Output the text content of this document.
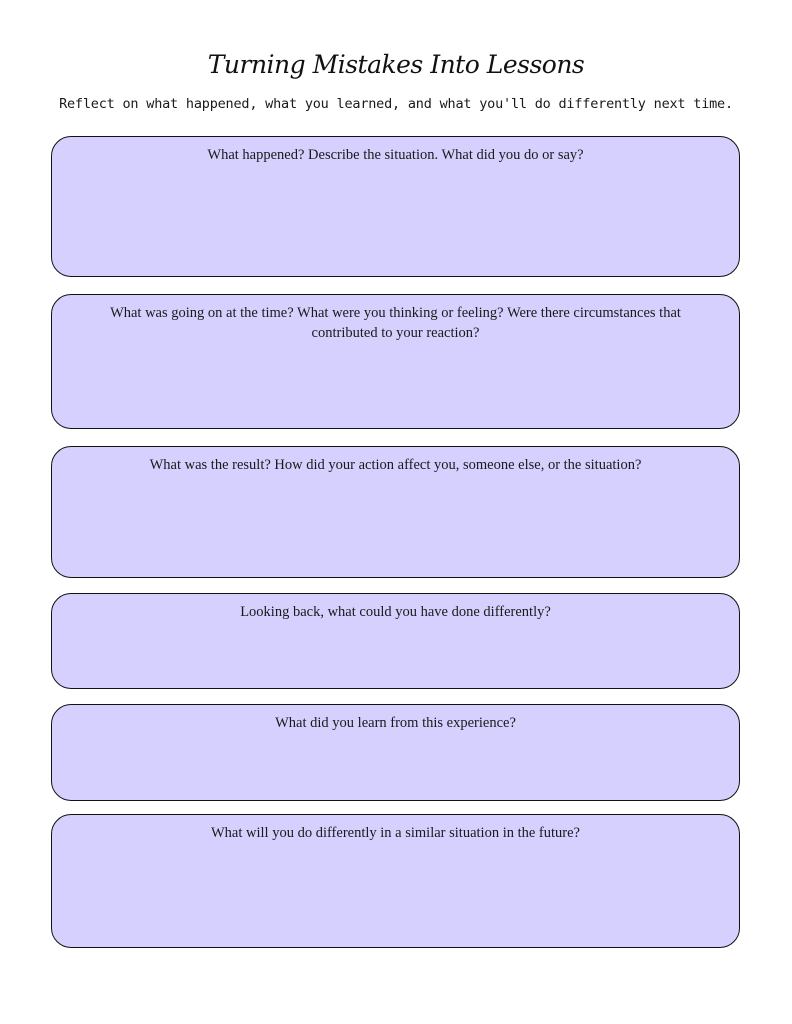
Turning Mistakes Into Lessons

Reflect on what happened, what you learned, and what you'll do differently next time.

What happened? Describe the situation. What did you do or say?
What was going on at the time? What were you thinking or feeling? Were there circumstances that contributed to your reaction?
What was the result? How did your action affect you, someone else, or the situation?
Looking back, what could you have done differently?
What did you learn from this experience?
What will you do differently in a similar situation in the future?
